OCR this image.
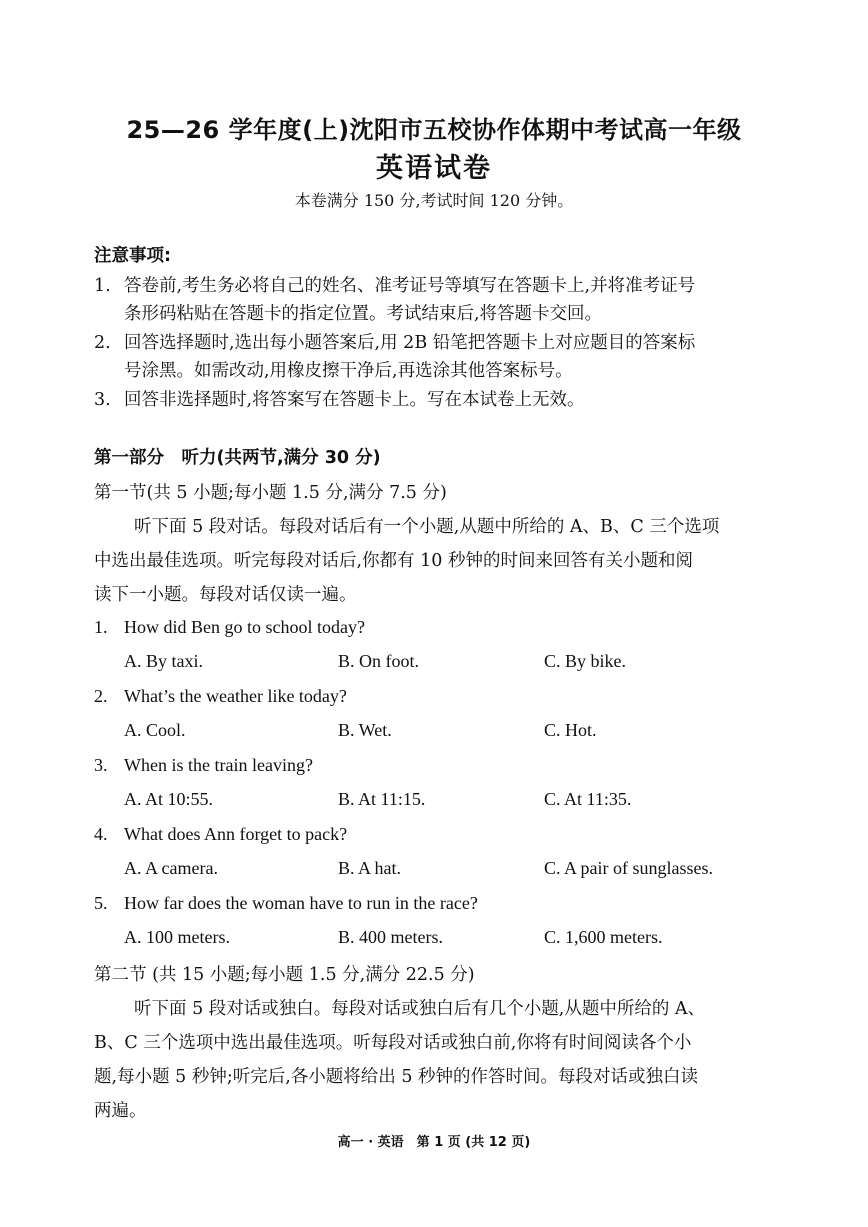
25—26 学年度(上)沈阳市五校协作体期中考试高一年级
英语试卷
本卷满分 150 分,考试时间 120 分钟。
注意事项:
1. 答卷前,考生务必将自己的姓名、准考证号等填写在答题卡上,并将准考证号
条形码粘贴在答题卡的指定位置。考试结束后,将答题卡交回。
2. 回答选择题时,选出每小题答案后,用 2B 铅笔把答题卡上对应题目的答案标
号涂黑。如需改动,用橡皮擦干净后,再选涂其他答案标号。
3. 回答非选择题时,将答案写在答题卡上。写在本试卷上无效。
第一部分　听力(共两节,满分 30 分)
第一节(共 5 小题;每小题 1.5 分,满分 7.5 分)
听下面 5 段对话。每段对话后有一个小题,从题中所给的 A、B、C 三个选项
中选出最佳选项。听完每段对话后,你都有 10 秒钟的时间来回答有关小题和阅
读下一小题。每段对话仅读一遍。
1. How did Ben go to school today?
A. By taxi.	B. On foot.	C. By bike.
2. What’s the weather like today?
A. Cool.	B. Wet.	C. Hot.
3. When is the train leaving?
A. At 10:55.	B. At 11:15.	C. At 11:35.
4. What does Ann forget to pack?
A. A camera.	B. A hat.	C. A pair of sunglasses.
5. How far does the woman have to run in the race?
A. 100 meters.	B. 400 meters.	C. 1,600 meters.
第二节 (共 15 小题;每小题 1.5 分,满分 22.5 分)
听下面 5 段对话或独白。每段对话或独白后有几个小题,从题中所给的 A、
B、C 三个选项中选出最佳选项。听每段对话或独白前,你将有时间阅读各个小
题,每小题 5 秒钟;听完后,各小题将给出 5 秒钟的作答时间。每段对话或独白读
两遍。
高一 · 英语　第 1 页 (共 12 页)
